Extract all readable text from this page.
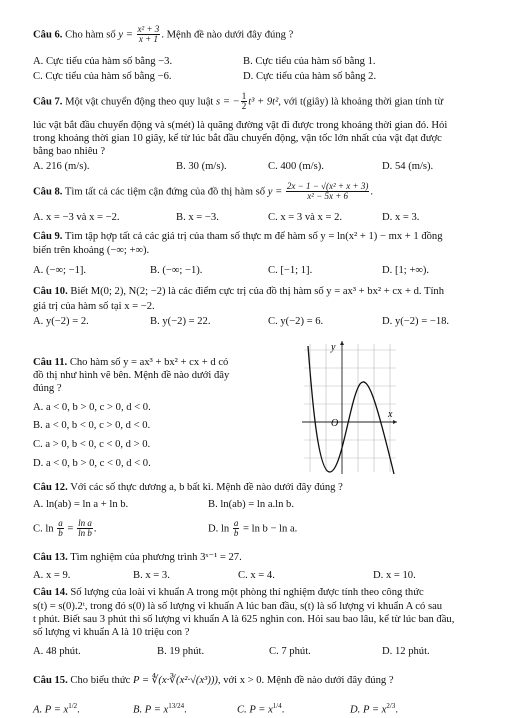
Câu 6. Cho hàm số $y = \frac{\text{x² + 3}}{x + 1}$ . Mệnh đề nào dưới đây đúng ?
A. Cực tiểu của hàm số bằng −3.	B. Cực tiểu của hàm số bằng 1.
C. Cực tiểu của hàm số bằng −6.	D. Cực tiểu của hàm số bằng 2.
Câu 7. Một vật chuyển động theo quy luật s = − $\frac{1}{2} t^3 + 9t^2$, với t(giây) là khoảng thời gian tính từ
lúc vật bắt đầu chuyển động và s(mét) là quãng đường vật đi được trong khoảng thời gian đó. Hỏi
trong khoảng thời gian 10 giây, kể từ lúc bắt đầu chuyển động, vận tốc lớn nhất của vật đạt được
bằng bao nhiêu ?
A. 216 (m/s).	B. 30 (m/s).	C. 400 (m/s).	D. 54 (m/s).
Câu 8. Tìm tất cả các tiệm cận đứng của đồ thị hàm số $y = \frac{\text{2x − 1 − √(x² + x + 3)}}{\text{x² − 5x + 6}}$ .
A. x = −3 và x = −2.	B. x = −3.	C. x = 3 và x = 2.	D. x = 3.
Câu 9. Tìm tập hợp tất cả các giá trị của tham số thực m để hàm số y = ln(x² + 1) − mx + 1 đồng
biến trên khoảng (−∞; +∞).
A. (−∞; −1].	B. (−∞; −1).	C. [−1; 1].	D. [1; +∞).
Câu 10. Biết M(0; 2), N(2; −2) là các điểm cực trị của đồ thị hàm số y = ax³ + bx² + cx + d. Tính
giá trị của hàm số tại x = −2.
A. y(−2) = 2.	B. y(−2) = 22.	C. y(−2) = 6.	D. y(−2) = −18.
Câu 11. Cho hàm số y = ax³ + bx² + cx + d có
đồ thị như hình vẽ bên. Mệnh đề nào dưới đây
đúng ?
A. a < 0, b > 0, c > 0, d < 0.
B. a < 0, b < 0, c > 0, d < 0.
C. a > 0, b < 0, c < 0, d > 0.
D. a < 0, b > 0, c < 0, d < 0.
O
y
x
Câu 12. Với các số thực dương a, b bất kì. Mệnh đề nào dưới đây đúng ?
A. ln(ab) = ln a + ln b.	B. ln(ab) = ln a.ln b.
C. $\ln \frac{a}{b} = \frac{\text{ln a}}{\text{ln b}}$ .	D. $\ln \frac{a}{b} = \ln b - \ln a$.
Câu 13. Tìm nghiệm của phương trình 3ˣ⁻¹ = 27.
A. x = 9.	B. x = 3.	C. x = 4.	D. x = 10.
Câu 14. Số lượng của loài vi khuẩn A trong một phòng thí nghiệm được tính theo công thức
s(t) = s(0).2ᵗ, trong đó s(0) là số lượng vi khuẩn A lúc ban đầu, s(t) là số lượng vi khuẩn A có sau
t phút. Biết sau 3 phút thì số lượng vi khuẩn A là 625 nghìn con. Hỏi sau bao lâu, kể từ lúc ban đầu,
số lượng vi khuẩn A là 10 triệu con ?
A. 48 phút.	B. 19 phút.	C. 7 phút.	D. 12 phút.
Câu 15. Cho biểu thức P = ∜(x·∛(x²·√(x³))), với x > 0. Mệnh đề nào dưới đây đúng ?
A. $P = x^{1/2}$.	B. $P = x^{13/24}$.	C. $P = x^{1/4}$.	D. $P = x^{2/3}$.
